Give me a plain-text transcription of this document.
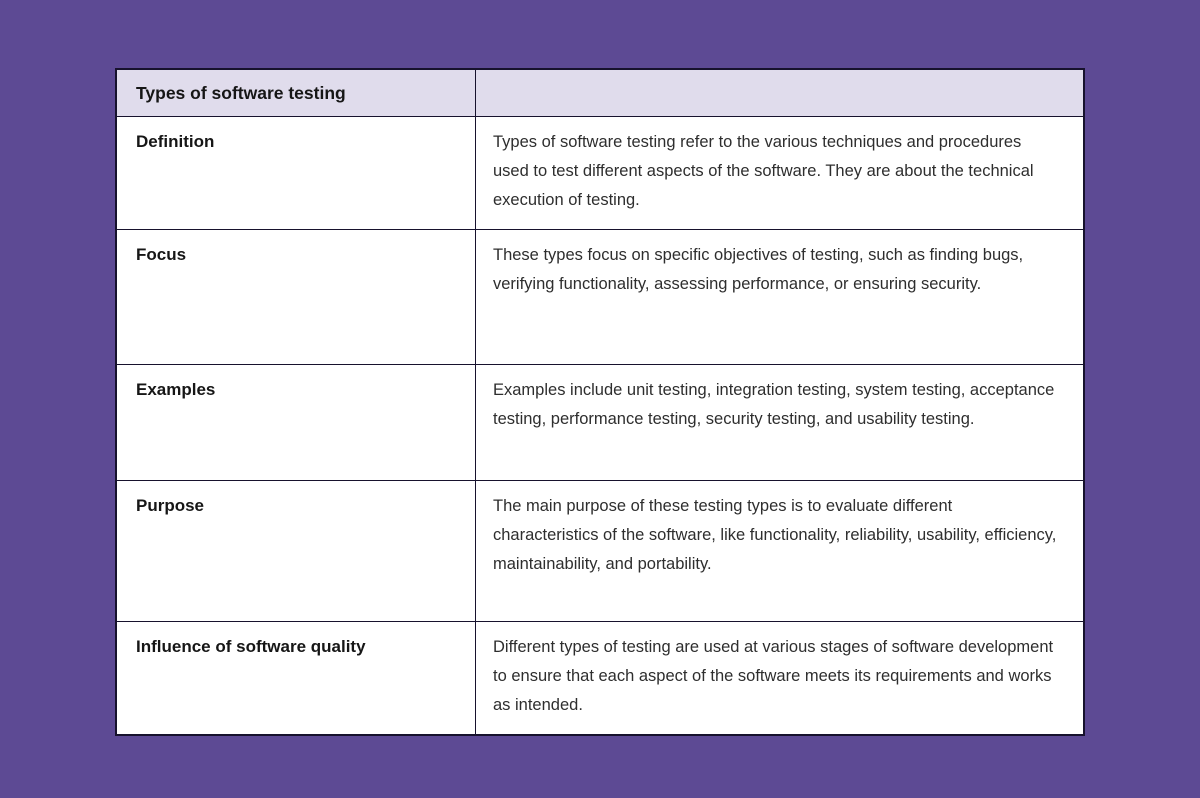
Types of software testing
Definition	Types of software testing refer to the various techniques and procedures used to test different aspects of the software. They are about the technical execution of testing.
Focus	These types focus on specific objectives of testing, such as finding bugs, verifying functionality, assessing performance, or ensuring security.
Examples	Examples include unit testing, integration testing, system testing, acceptance testing, performance testing, security testing, and usability testing.
Purpose	The main purpose of these testing types is to evaluate different characteristics of the software, like functionality, reliability, usability, efficiency, maintainability, and portability.
Influence of software quality	Different types of testing are used at various stages of software development to ensure that each aspect of the software meets its requirements and works as intended.
